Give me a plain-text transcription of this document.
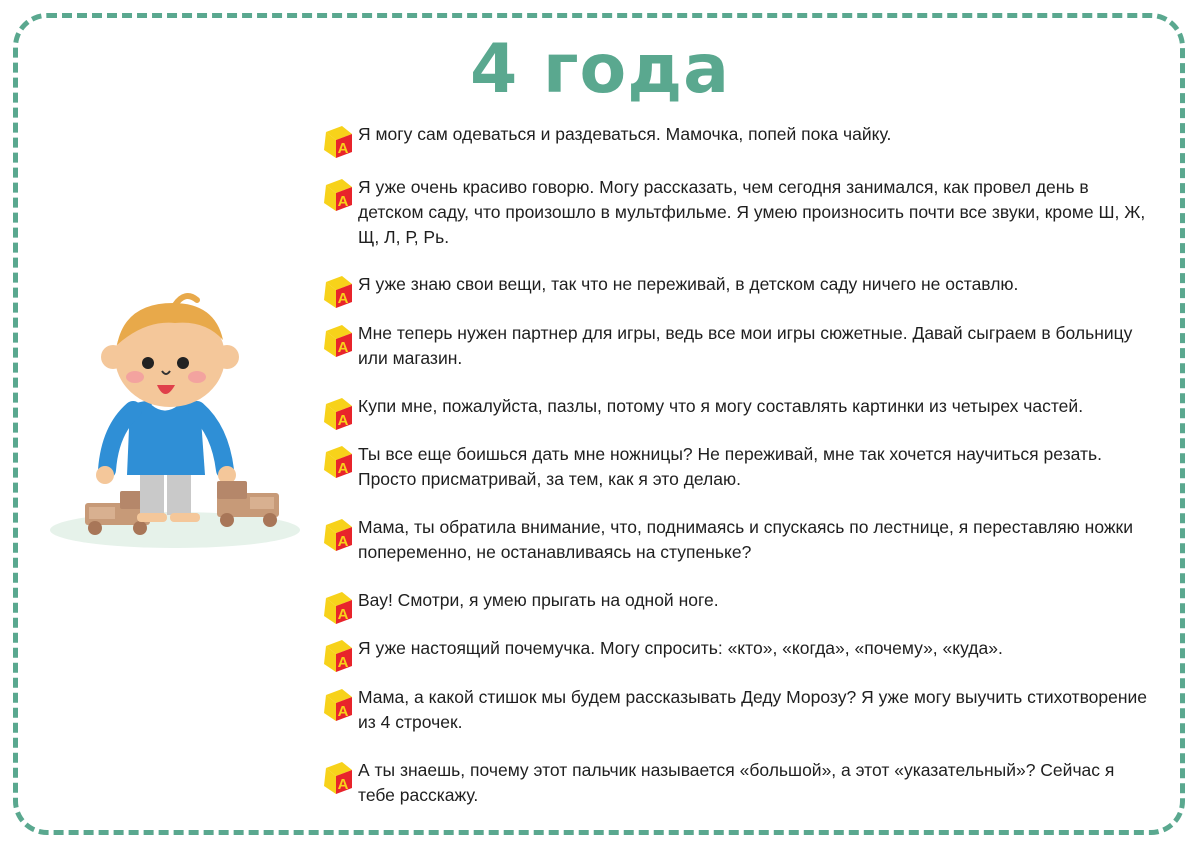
4 года
Я могу сам одеваться и раздеваться. Мамочка, попей пока чайку.
Я уже очень красиво говорю. Могу рассказать, чем сегодня занимался, как провел день в детском саду, что произошло в мультфильме. Я умею произносить почти все звуки, кроме Ш, Ж, Щ, Л, Р, Рь.
Я уже знаю свои вещи, так что не переживай, в детском саду ничего не оставлю.
Мне теперь нужен партнер для игры, ведь все мои игры сюжетные. Давай сыграем в больницу или магазин.
Купи мне, пожалуйста, пазлы, потому что я могу составлять картинки из четырех частей.
Ты все еще боишься дать мне ножницы? Не переживай, мне так хочется научиться резать. Просто присматривай, за тем, как я это делаю.
Мама, ты обратила внимание, что, поднимаясь и спускаясь по лестнице, я переставляю ножки попеременно, не останавливаясь на ступеньке?
Вау! Смотри, я умею прыгать на одной ноге.
Я уже настоящий почемучка. Могу спросить: «кто», «когда», «почему», «куда».
Мама, а какой стишок мы будем рассказывать Деду Морозу? Я уже могу выучить стихотворение из 4 строчек.
А ты знаешь, почему этот пальчик называется «большой», а этот «указательный»? Сейчас я тебе расскажу.
